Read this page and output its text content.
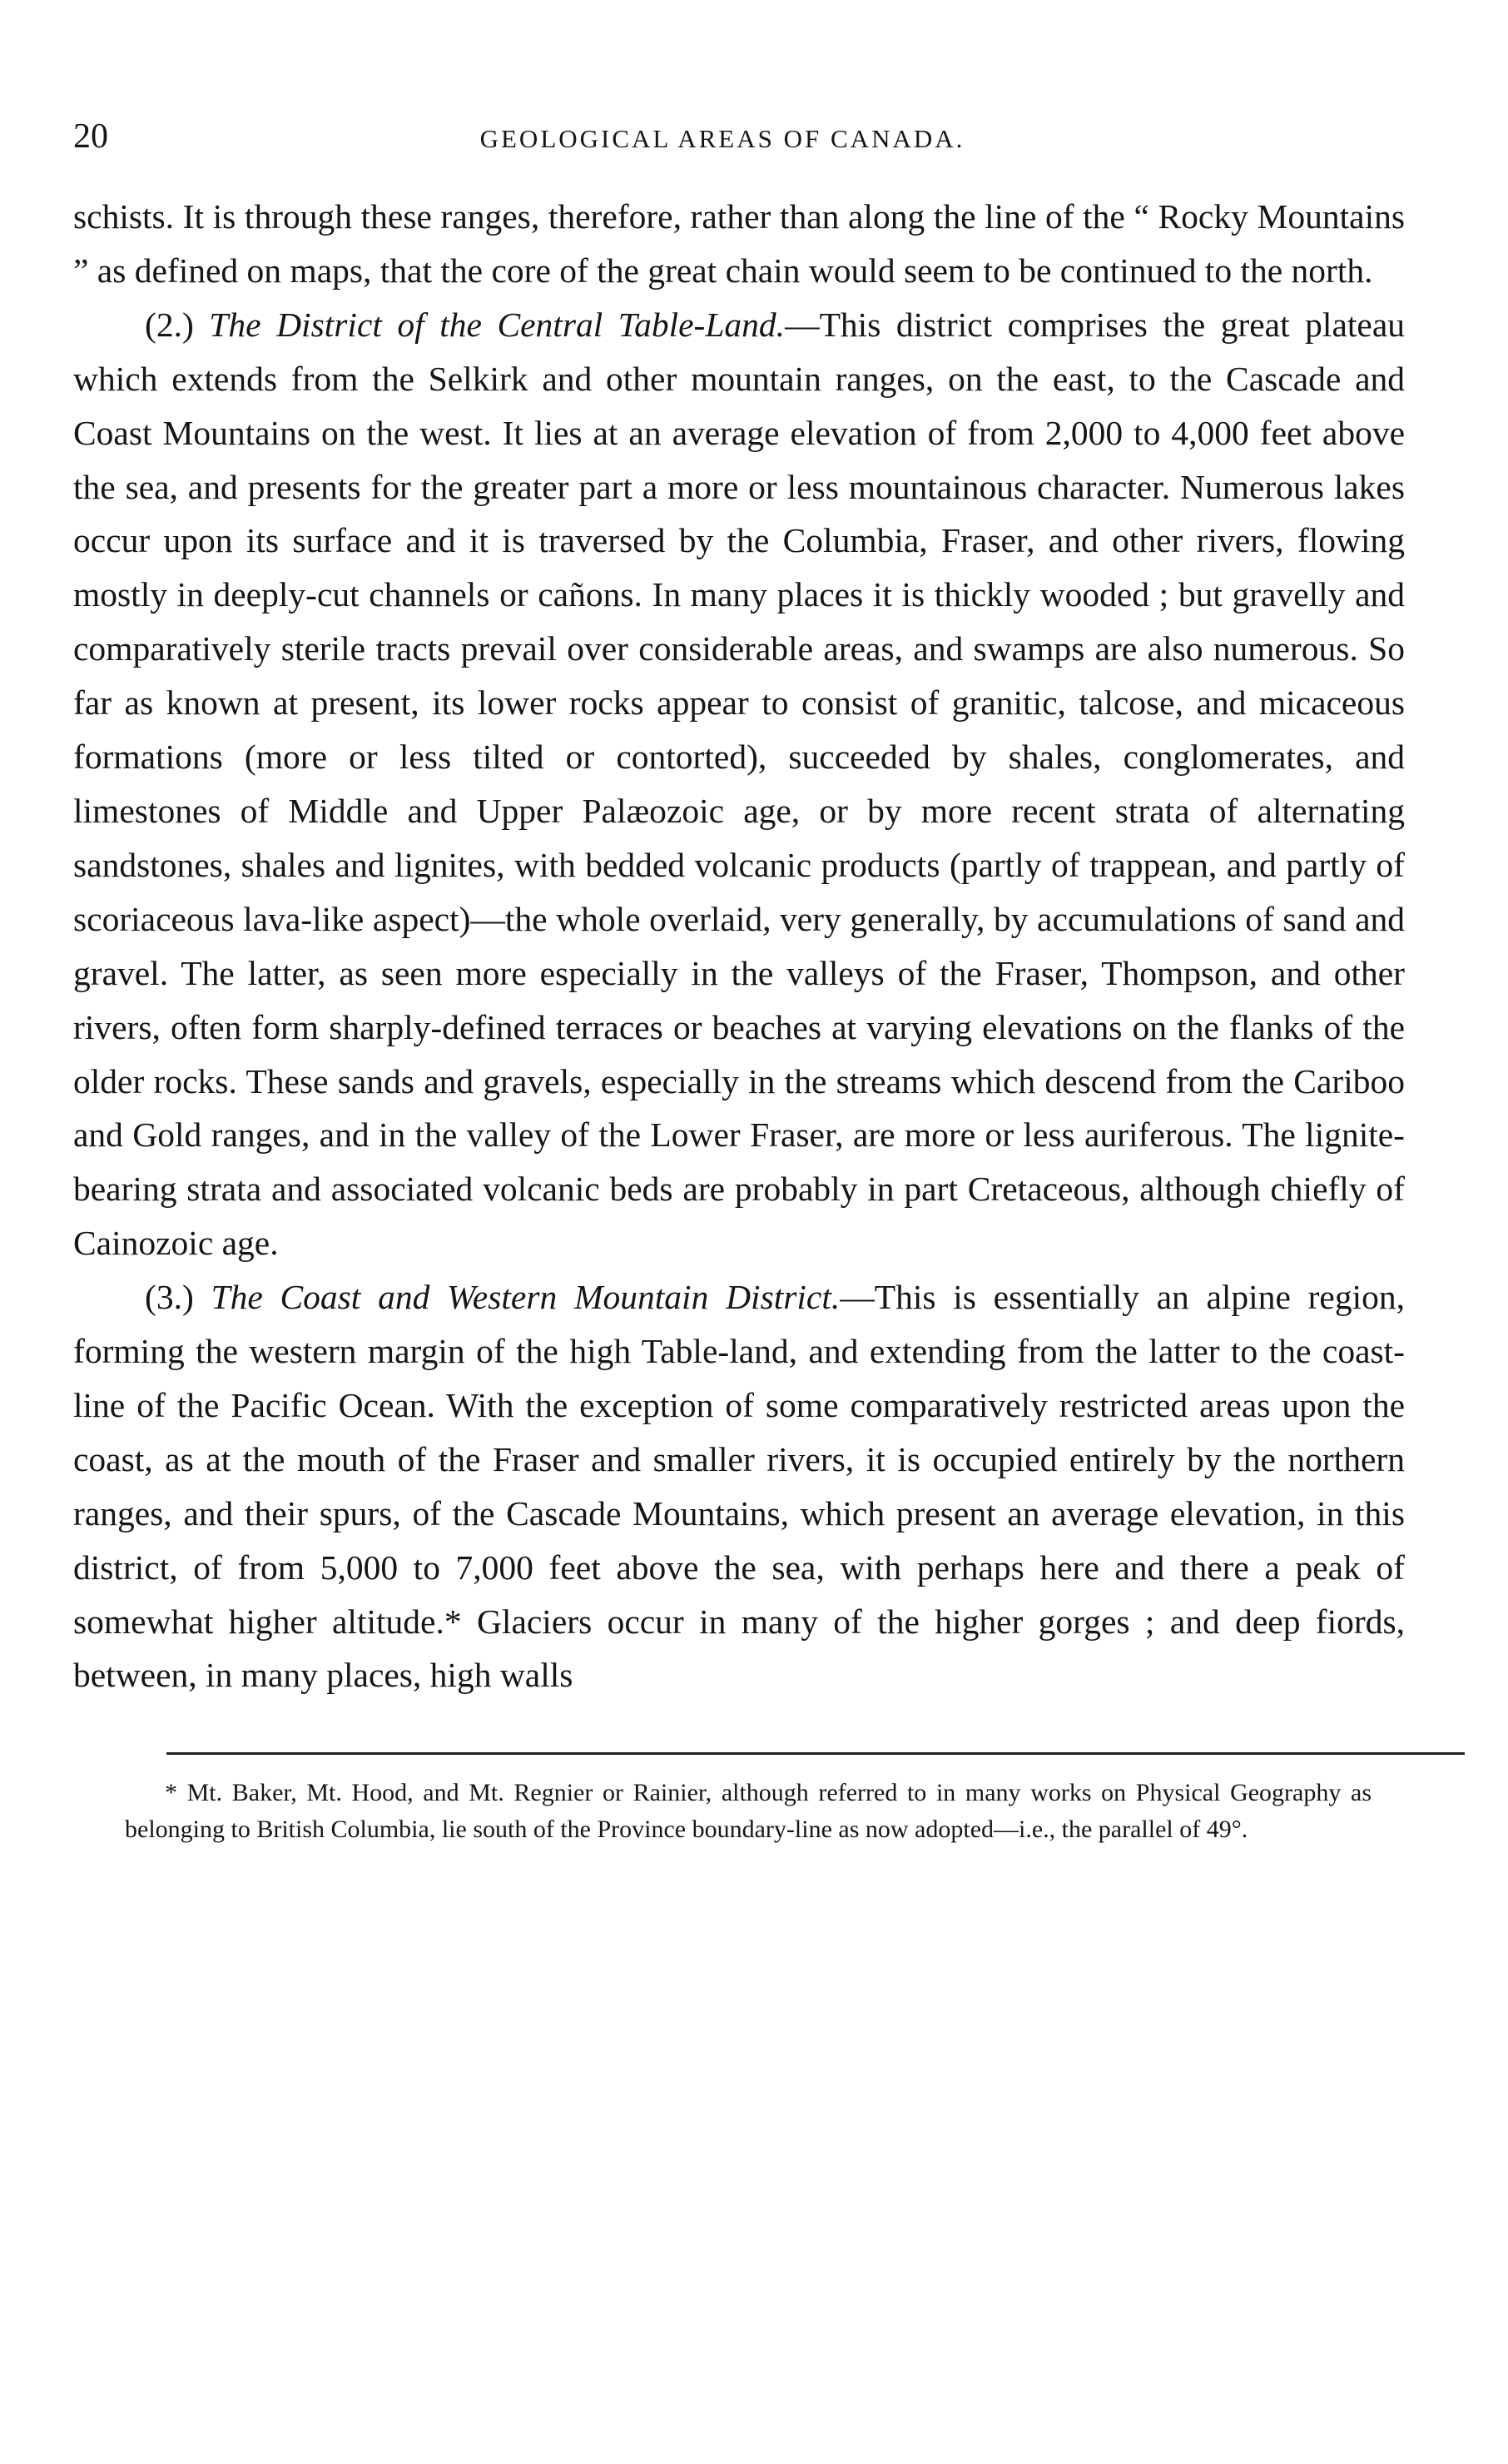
20	GEOLOGICAL AREAS OF CANADA.

schists. It is through these ranges, therefore, rather than along the line of the “ Rocky Mountains ” as defined on maps, that the core of the great chain would seem to be continued to the north.

(2.) The District of the Central Table-Land.—This district comprises the great plateau which extends from the Selkirk and other mountain ranges, on the east, to the Cascade and Coast Mountains on the west. It lies at an average elevation of from 2,000 to 4,000 feet above the sea, and presents for the greater part a more or less mountainous character. Numerous lakes occur upon its surface and it is traversed by the Columbia, Fraser, and other rivers, flowing mostly in deeply-cut channels or cañons. In many places it is thickly wooded ; but gravelly and comparatively sterile tracts prevail over considerable areas, and swamps are also numerous. So far as known at present, its lower rocks appear to consist of granitic, talcose, and micaceous formations (more or less tilted or contorted), succeeded by shales, conglomerates, and limestones of Middle and Upper Palæozoic age, or by more recent strata of alternating sandstones, shales and lignites, with bedded volcanic products (partly of trappean, and partly of scoriaceous lava-like aspect)—the whole overlaid, very generally, by accumulations of sand and gravel. The latter, as seen more especially in the valleys of the Fraser, Thompson, and other rivers, often form sharply-defined terraces or beaches at varying elevations on the flanks of the older rocks. These sands and gravels, especially in the streams which descend from the Cariboo and Gold ranges, and in the valley of the Lower Fraser, are more or less auriferous. The lignite-bearing strata and associated volcanic beds are probably in part Cretaceous, although chiefly of Cainozoic age.

(3.) The Coast and Western Mountain District.—This is essentially an alpine region, forming the western margin of the high Table-land, and extending from the latter to the coast-line of the Pacific Ocean. With the exception of some comparatively restricted areas upon the coast, as at the mouth of the Fraser and smaller rivers, it is occupied entirely by the northern ranges, and their spurs, of the Cascade Mountains, which present an average elevation, in this district, of from 5,000 to 7,000 feet above the sea, with perhaps here and there a peak of somewhat higher altitude.* Glaciers occur in many of the higher gorges ; and deep fiords, between, in many places, high walls

* Mt. Baker, Mt. Hood, and Mt. Regnier or Rainier, although referred to in many works on Physical Geography as belonging to British Columbia, lie south of the Province boundary-line as now adopted—i.e., the parallel of 49°.
